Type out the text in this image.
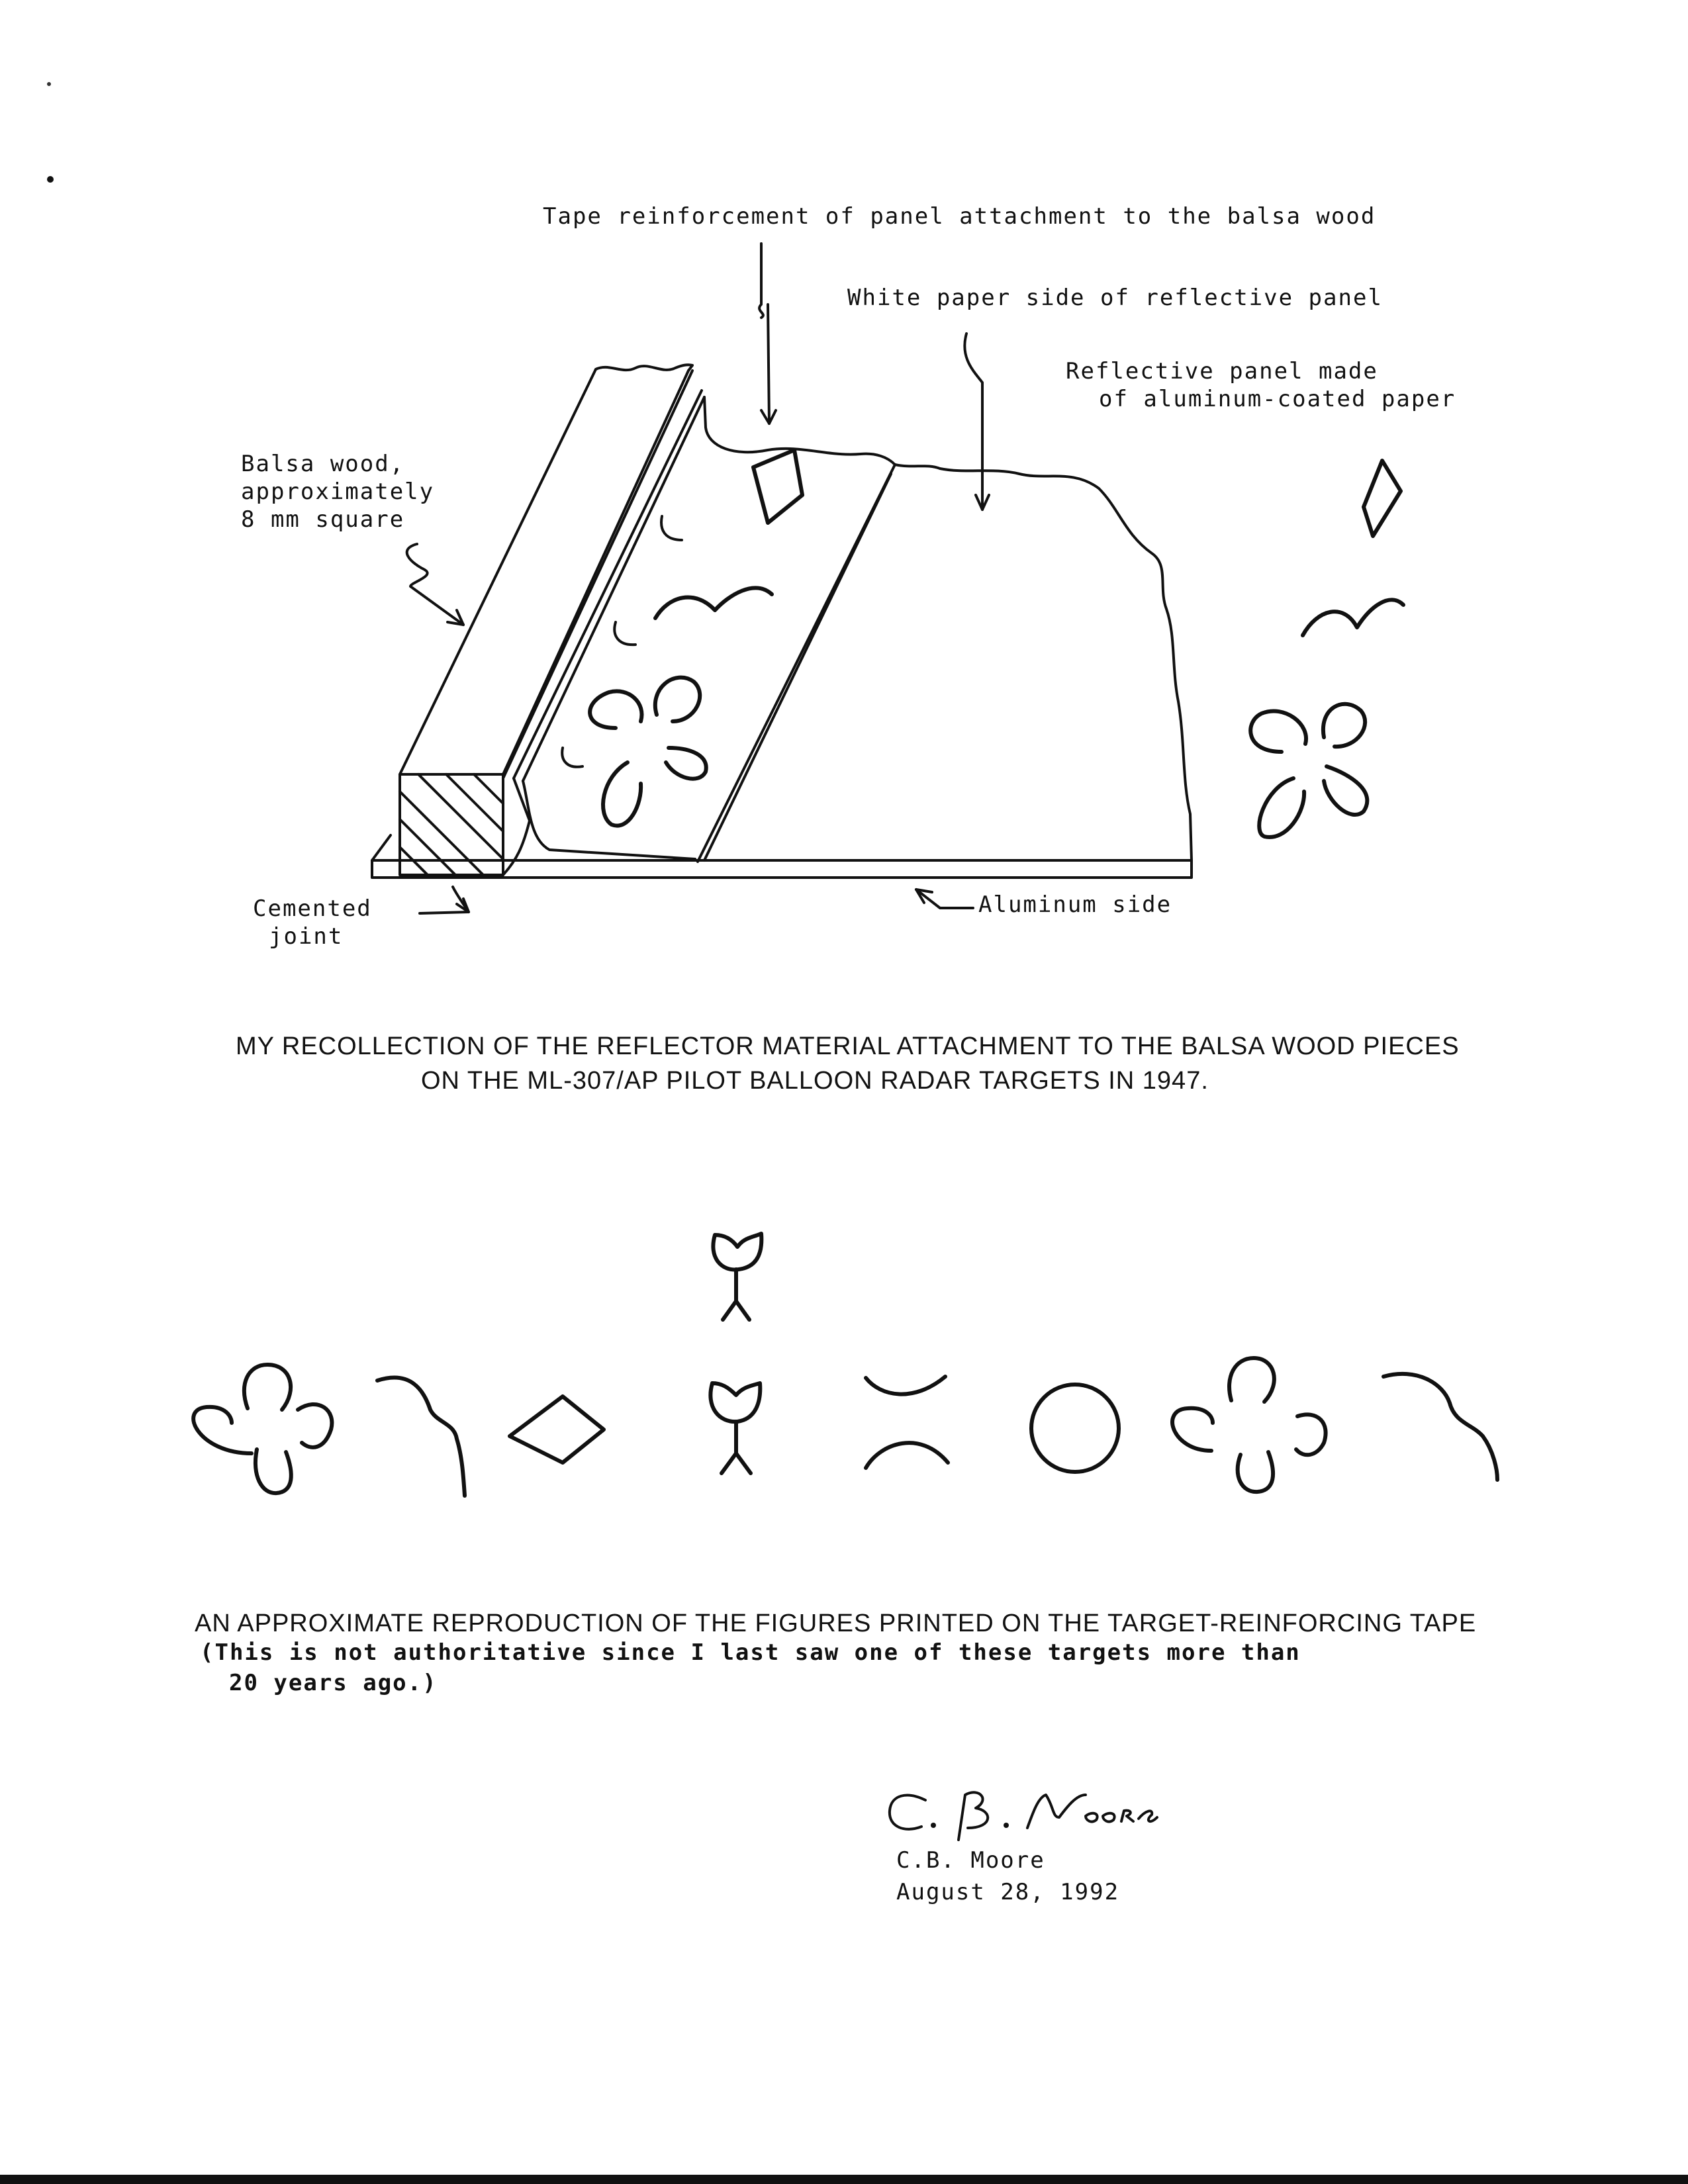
Tape reinforcement of panel attachment to the balsa wood
White paper side of reflective panel
Reflective panel made
of aluminum-coated paper
Balsa wood,
approximately
8 mm square
Cemented
joint
Aluminum side
MY RECOLLECTION OF THE REFLECTOR MATERIAL ATTACHMENT TO THE BALSA WOOD PIECES
ON THE ML-307/AP PILOT BALLOON RADAR TARGETS IN 1947.
AN APPROXIMATE REPRODUCTION OF THE FIGURES PRINTED ON THE TARGET-REINFORCING TAPE
(This is not authoritative since I last saw one of these targets more than
20 years ago.)
C.B. Moore
August 28, 1992
